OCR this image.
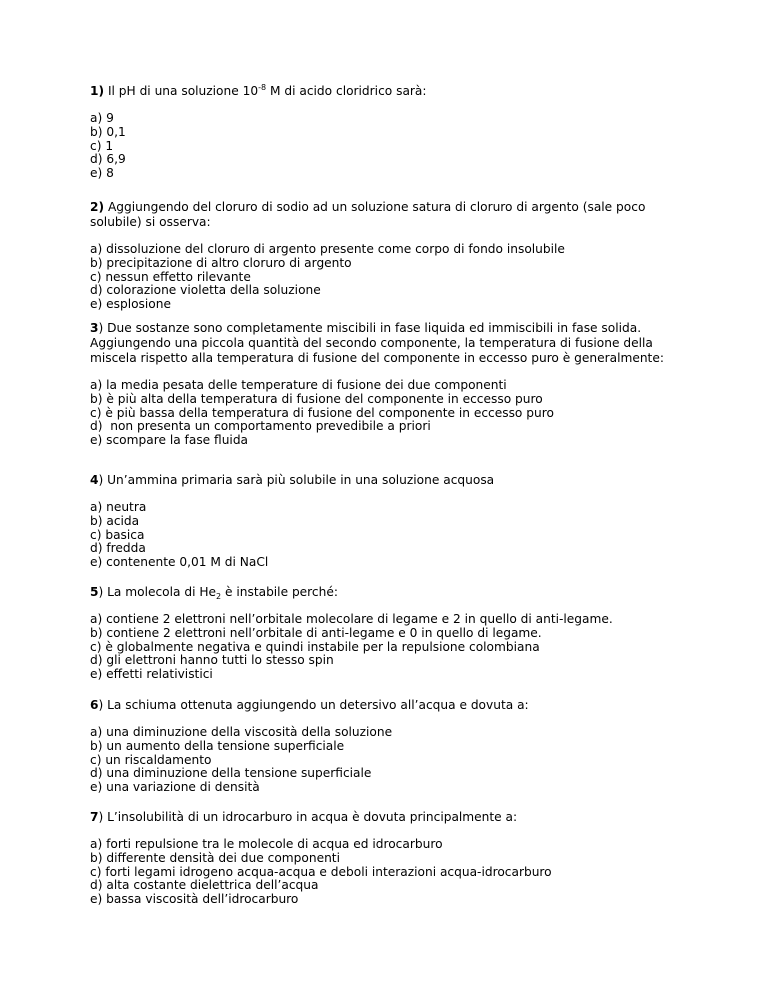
1) Il pH di una soluzione $10^{-8}$ M di acido cloridrico sarà:

a) 9
b) 0,1
c) 1
d) 6,9
e) 8

2) Aggiungendo del cloruro di sodio ad un soluzione satura di cloruro di argento (sale poco solubile) si osserva:

a) dissoluzione del cloruro di argento presente come corpo di fondo insolubile
b) precipitazione di altro cloruro di argento
c) nessun effetto rilevante
d) colorazione violetta della soluzione
e) esplosione

3) Due sostanze sono completamente miscibili in fase liquida ed immiscibili in fase solida. Aggiungendo una piccola quantità del secondo componente, la temperatura di fusione della miscela rispetto alla temperatura di fusione del componente in eccesso puro è generalmente:

a) la media pesata delle temperature di fusione dei due componenti
b) è più alta della temperatura di fusione del componente in eccesso puro
c) è più bassa della temperatura di fusione del componente in eccesso puro
d)  non presenta un comportamento prevedibile a priori
e) scompare la fase fluida

4) Un’ammina primaria sarà più solubile in una soluzione acquosa

a) neutra
b) acida
c) basica
d) fredda
e) contenente 0,01 M di NaCl

5) La molecola di $He_2$ è instabile perché:

a) contiene 2 elettroni nell’orbitale molecolare di legame e 2 in quello di anti-legame.
b) contiene 2 elettroni nell’orbitale di anti-legame e 0 in quello di legame.
c) è globalmente negativa e quindi instabile per la repulsione colombiana
d) gli elettroni hanno tutti lo stesso spin
e) effetti relativistici

6) La schiuma ottenuta aggiungendo un detersivo all’acqua e dovuta a:

a) una diminuzione della viscosità della soluzione
b) un aumento della tensione superficiale
c) un riscaldamento
d) una diminuzione della tensione superficiale
e) una variazione di densità

7) L’insolubilità di un idrocarburo in acqua è dovuta principalmente a:

a) forti repulsione tra le molecole di acqua ed idrocarburo
b) differente densità dei due componenti
c) forti legami idrogeno acqua-acqua e deboli interazioni acqua-idrocarburo
d) alta costante dielettrica dell’acqua
e) bassa viscosità dell’idrocarburo
